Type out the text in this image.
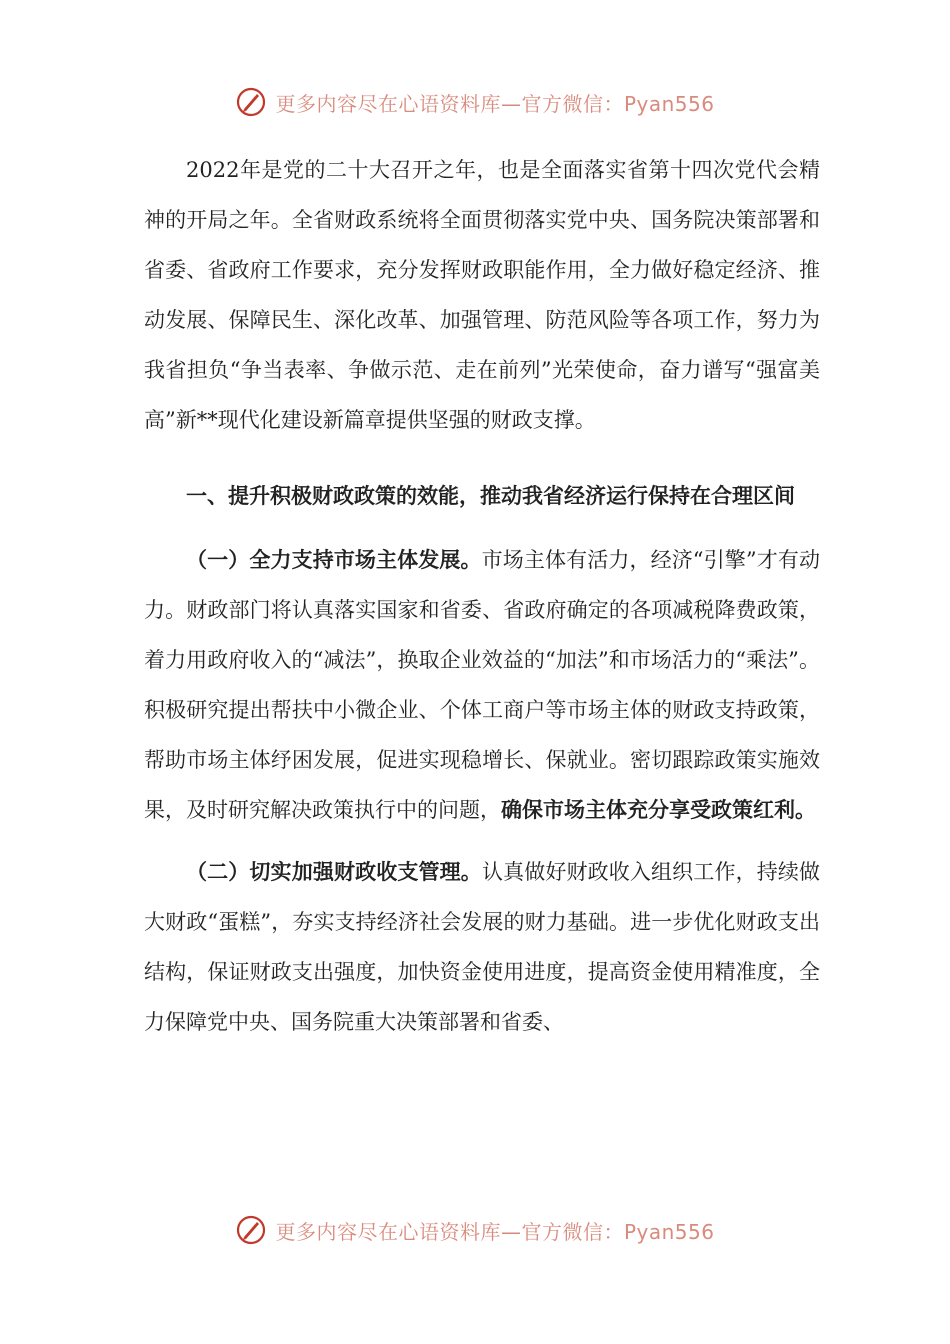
更多内容尽在心语资料库—官方微信：Pyan556

2022年是党的二十大召开之年，也是全面落实省第十四次党代会精神的开局之年。全省财政系统将全面贯彻落实党中央、国务院决策部署和省委、省政府工作要求，充分发挥财政职能作用，全力做好稳定经济、推动发展、保障民生、深化改革、加强管理、防范风险等各项工作，努力为我省担负“争当表率、争做示范、走在前列”光荣使命，奋力谱写“强富美高”新**现代化建设新篇章提供坚强的财政支撑。

一、提升积极财政政策的效能，推动我省经济运行保持在合理区间

（一）全力支持市场主体发展。市场主体有活力，经济“引擎”才有动力。财政部门将认真落实国家和省委、省政府确定的各项减税降费政策，着力用政府收入的“减法”，换取企业效益的“加法”和市场活力的“乘法”。积极研究提出帮扶中小微企业、个体工商户等市场主体的财政支持政策，帮助市场主体纾困发展，促进实现稳增长、保就业。密切跟踪政策实施效果，及时研究解决政策执行中的问题，确保市场主体充分享受政策红利。

（二）切实加强财政收支管理。认真做好财政收入组织工作，持续做大财政“蛋糕”，夯实支持经济社会发展的财力基础。进一步优化财政支出结构，保证财政支出强度，加快资金使用进度，提高资金使用精准度，全力保障党中央、国务院重大决策部署和省委、

更多内容尽在心语资料库—官方微信：Pyan556
